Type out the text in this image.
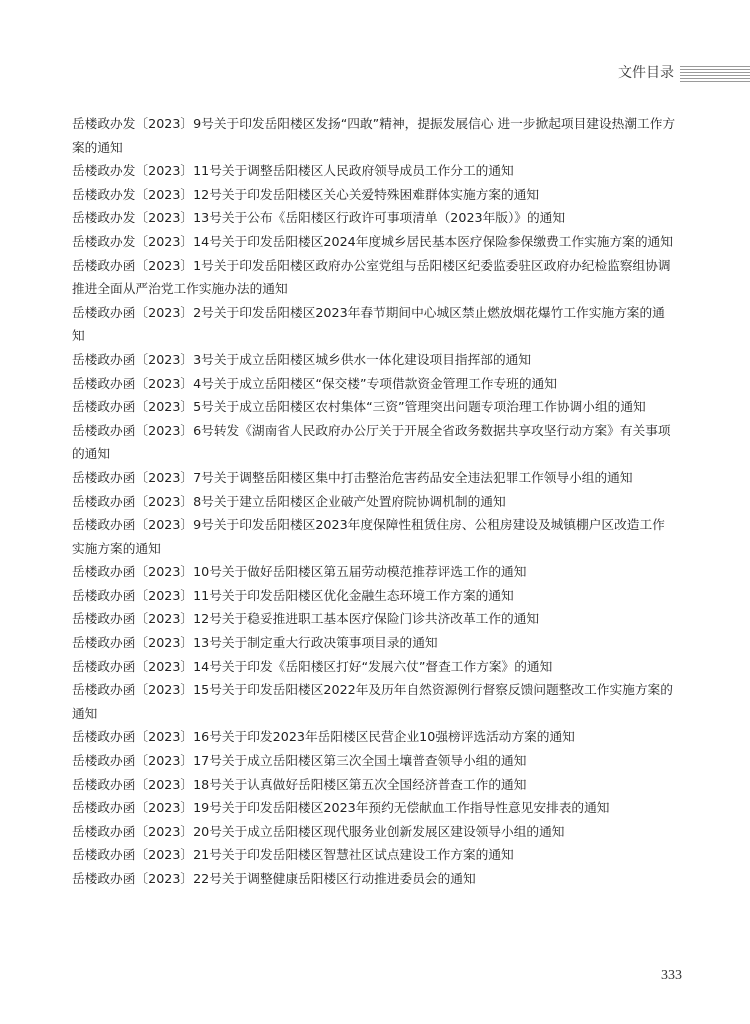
文件目录
岳楼政办发〔2023〕9号关于印发岳阳楼区发扬“四敢”精神，提振发展信心 进一步掀起项目建设热潮工作方案的通知
岳楼政办发〔2023〕11号关于调整岳阳楼区人民政府领导成员工作分工的通知
岳楼政办发〔2023〕12号关于印发岳阳楼区关心关爱特殊困难群体实施方案的通知
岳楼政办发〔2023〕13号关于公布《岳阳楼区行政许可事项清单（2023年版）》的通知
岳楼政办发〔2023〕14号关于印发岳阳楼区2024年度城乡居民基本医疗保险参保缴费工作实施方案的通知
岳楼政办函〔2023〕1号关于印发岳阳楼区政府办公室党组与岳阳楼区纪委监委驻区政府办纪检监察组协调推进全面从严治党工作实施办法的通知
岳楼政办函〔2023〕2号关于印发岳阳楼区2023年春节期间中心城区禁止燃放烟花爆竹工作实施方案的通知
岳楼政办函〔2023〕3号关于成立岳阳楼区城乡供水一体化建设项目指挥部的通知
岳楼政办函〔2023〕4号关于成立岳阳楼区“保交楼”专项借款资金管理工作专班的通知
岳楼政办函〔2023〕5号关于成立岳阳楼区农村集体“三资”管理突出问题专项治理工作协调小组的通知
岳楼政办函〔2023〕6号转发《湖南省人民政府办公厅关于开展全省政务数据共享攻坚行动方案》有关事项的通知
岳楼政办函〔2023〕7号关于调整岳阳楼区集中打击整治危害药品安全违法犯罪工作领导小组的通知
岳楼政办函〔2023〕8号关于建立岳阳楼区企业破产处置府院协调机制的通知
岳楼政办函〔2023〕9号关于印发岳阳楼区2023年度保障性租赁住房、公租房建设及城镇棚户区改造工作实施方案的通知
岳楼政办函〔2023〕10号关于做好岳阳楼区第五届劳动模范推荐评选工作的通知
岳楼政办函〔2023〕11号关于印发岳阳楼区优化金融生态环境工作方案的通知
岳楼政办函〔2023〕12号关于稳妥推进职工基本医疗保险门诊共济改革工作的通知
岳楼政办函〔2023〕13号关于制定重大行政决策事项目录的通知
岳楼政办函〔2023〕14号关于印发《岳阳楼区打好“发展六仗”督查工作方案》的通知
岳楼政办函〔2023〕15号关于印发岳阳楼区2022年及历年自然资源例行督察反馈问题整改工作实施方案的通知
岳楼政办函〔2023〕16号关于印发2023年岳阳楼区民营企业10强榜评选活动方案的通知
岳楼政办函〔2023〕17号关于成立岳阳楼区第三次全国土壤普查领导小组的通知
岳楼政办函〔2023〕18号关于认真做好岳阳楼区第五次全国经济普查工作的通知
岳楼政办函〔2023〕19号关于印发岳阳楼区2023年预约无偿献血工作指导性意见安排表的通知
岳楼政办函〔2023〕20号关于成立岳阳楼区现代服务业创新发展区建设领导小组的通知
岳楼政办函〔2023〕21号关于印发岳阳楼区智慧社区试点建设工作方案的通知
岳楼政办函〔2023〕22号关于调整健康岳阳楼区行动推进委员会的通知
333
